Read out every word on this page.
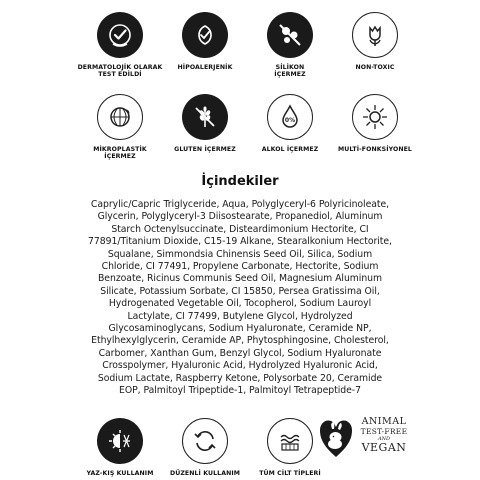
DERMATOLOJİK OLARAK
TEST EDİLDİ
HİPOALERJENİK	SİLİKON
İÇERMEZ
NON-TOXIC
MİKROPLASTİK
İÇERMEZ
GLUTEN İÇERMEZ
0%
ALKOL İÇERMEZ	MULTİ-FONKSİYONEL
İçindekiler
Caprylic/Capric Triglyceride, Aqua, Polyglyceryl-6 Polyricinoleate, Glycerin, Polyglyceryl-3 Diisostearate, Propanediol, Aluminum Starch Octenylsuccinate, Disteardimonium Hectorite, CI 77891/Titanium Dioxide, C15-19 Alkane, Stearalkonium Hectorite, Squalane, Simmondsia Chinensis Seed Oil, Silica, Sodium Chloride, CI 77491, Propylene Carbonate, Hectorite, Sodium Benzoate, Ricinus Communis Seed Oil, Magnesium Aluminum Silicate, Potassium Sorbate, CI 15850, Persea Gratissima Oil, Hydrogenated Vegetable Oil, Tocopherol, Sodium Lauroyl Lactylate, CI 77499, Butylene Glycol, Hydrolyzed Glycosaminoglycans, Sodium Hyaluronate, Ceramide NP, Ethylhexylglycerin, Ceramide AP, Phytosphingosine, Cholesterol, Carbomer, Xanthan Gum, Benzyl Glycol, Sodium Hyaluronate Crosspolymer, Hyaluronic Acid, Hydrolyzed Hyaluronic Acid, Sodium Lactate, Raspberry Ketone, Polysorbate 20, Ceramide EOP, Palmitoyl Tripeptide-1, Palmitoyl Tetrapeptide-7
YAZ-KIŞ KULLANIM	DÜZENLİ KULLANIM	TÜM CİLT TİPLERİ
ANIMAL
TEST-FREE
AND
VEGAN
